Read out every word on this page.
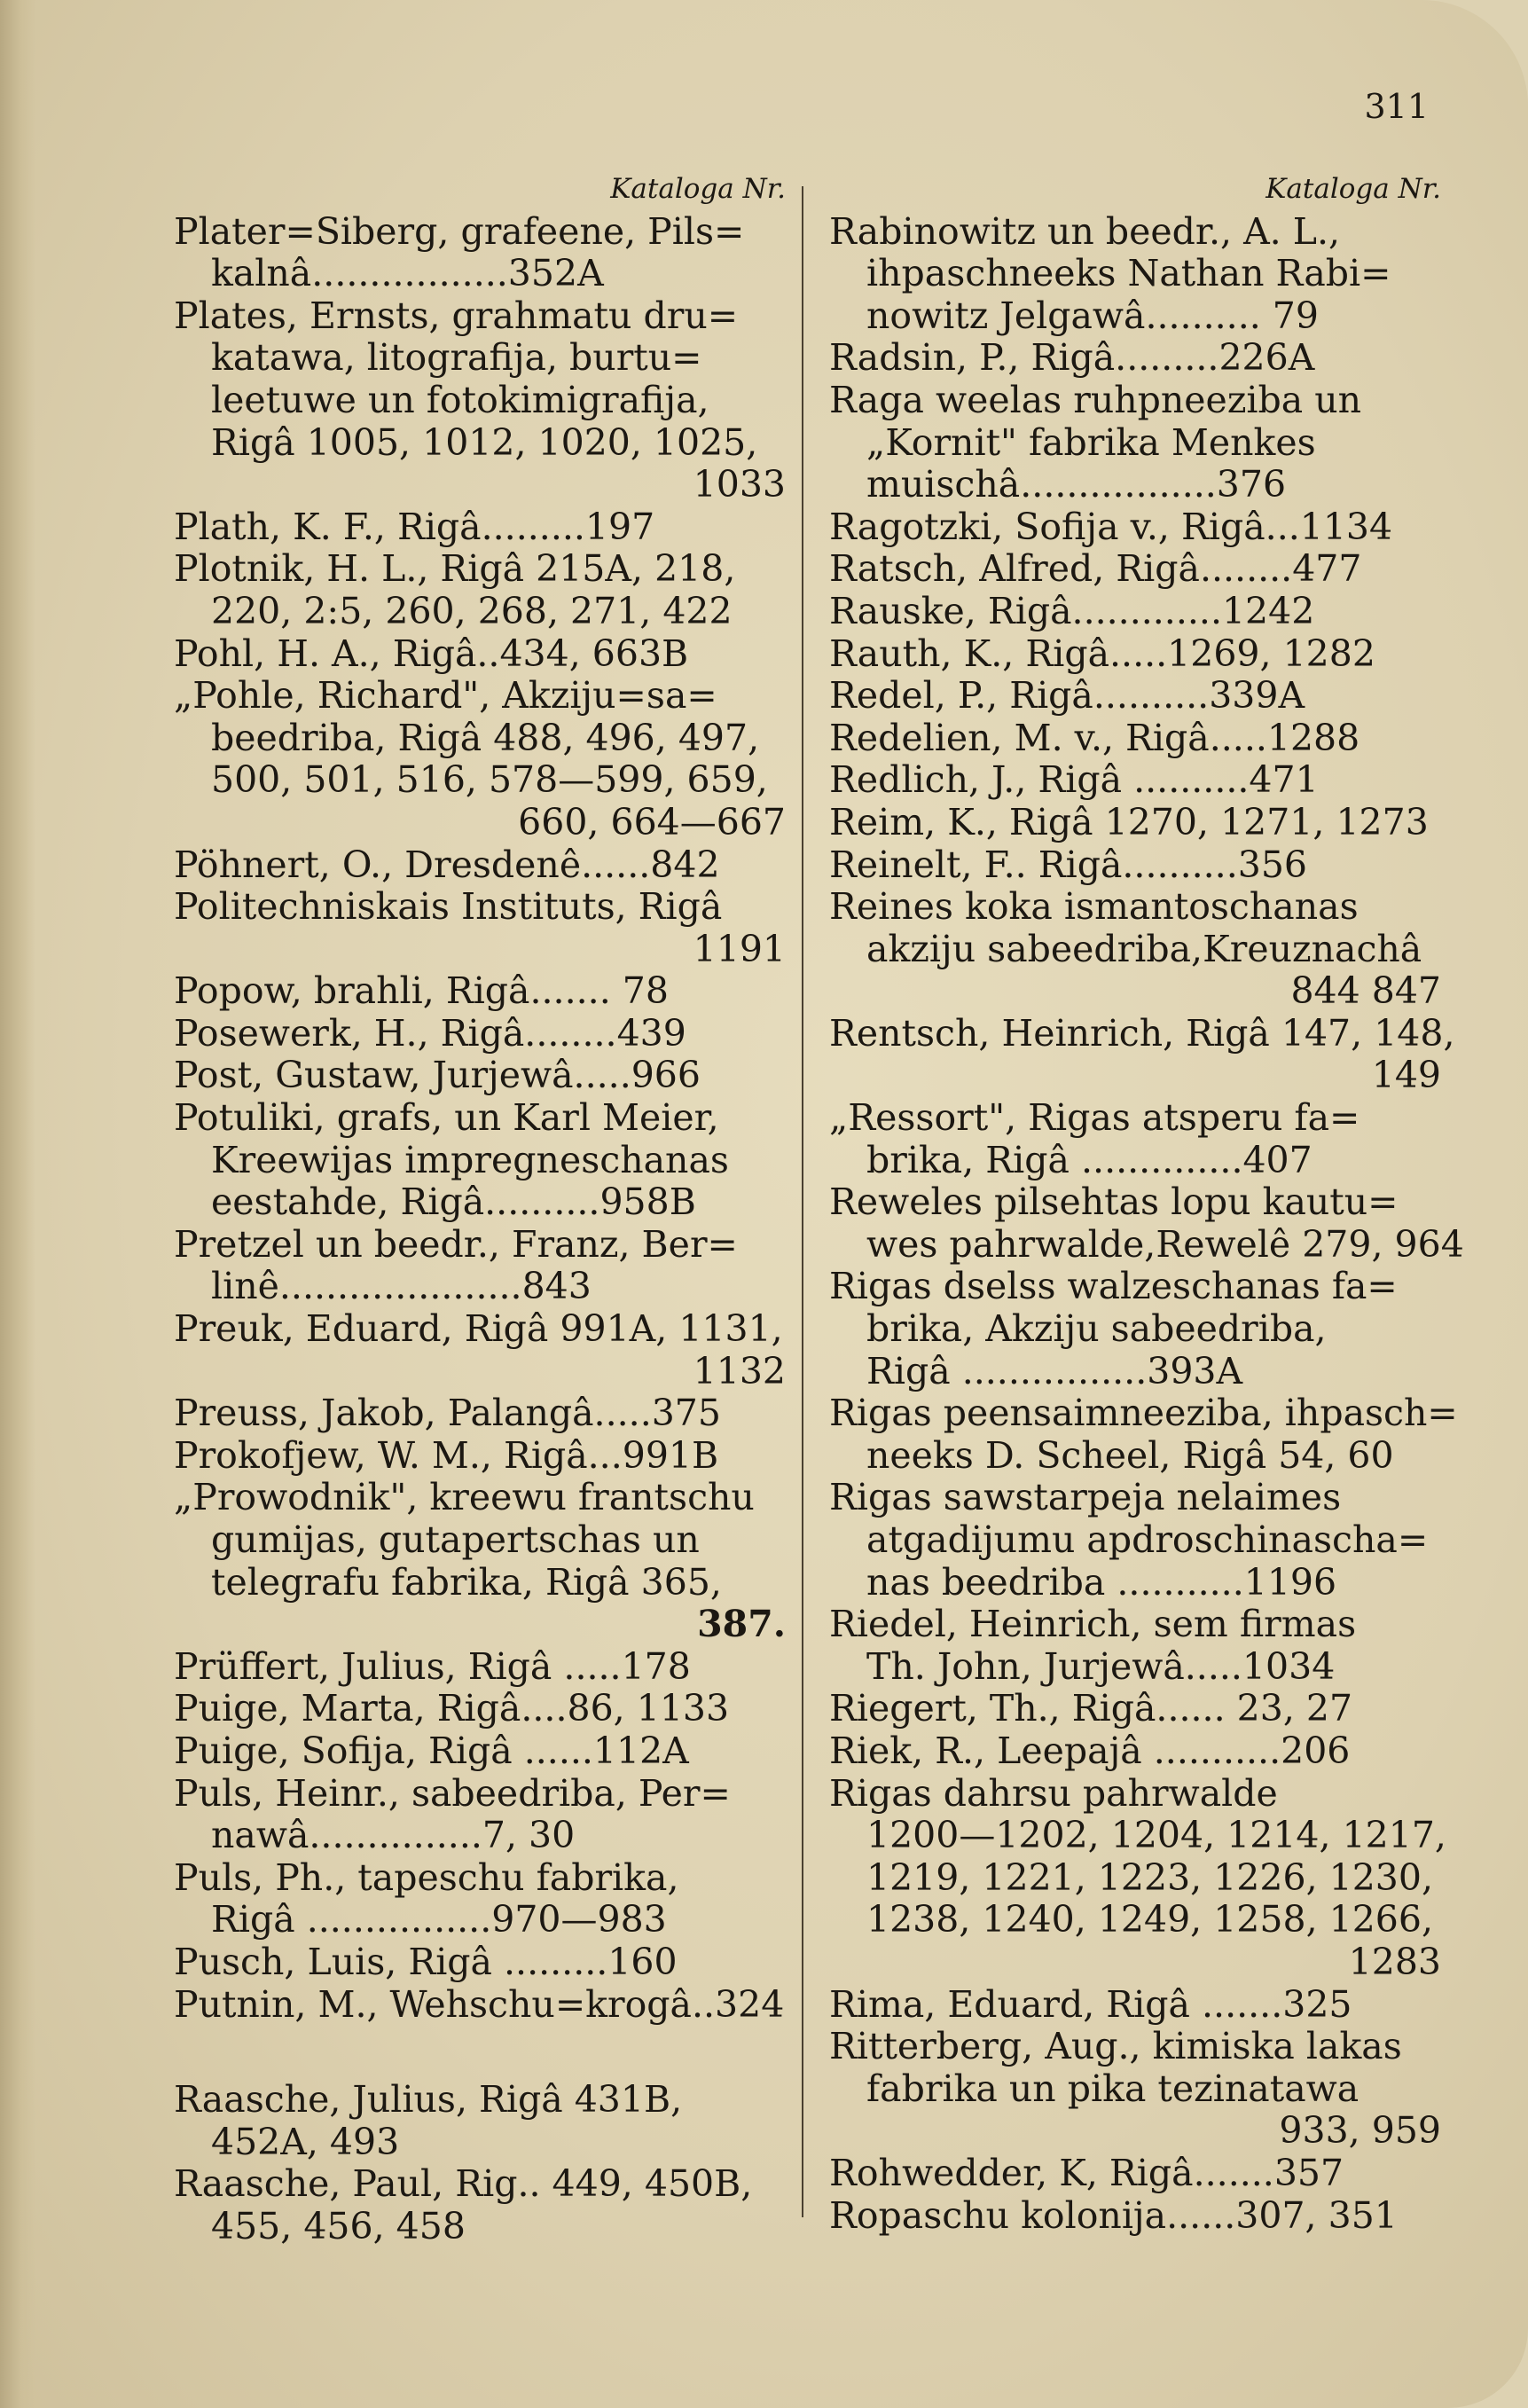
311
Kataloga Nr.
Plater=Siberg, grafeene, Pils=
kalnâ.................352A
Plates, Ernsts, grahmatu dru=
katawa, litografija, burtu=
leetuwe un fotokimigrafija,
Rigâ 1005, 1012, 1020, 1025,
1033
Plath, K. F., Rigâ.........197
Plotnik, H. L., Rigâ 215A, 218,
220, 2:5, 260, 268, 271, 422
Pohl, H. A., Rigâ..434, 663B
„Pohle, Richard", Akziju=sa=
beedriba, Rigâ 488, 496, 497,
500, 501, 516, 578—599, 659,
660, 664—667
Pöhnert, O., Dresdenê......842
Politechniskais Instituts, Rigâ
1191
Popow, brahli, Rigâ....... 78
Posewerk, H., Rigâ........439
Post, Gustaw, Jurjewâ.....966
Potuliki, grafs, un Karl Meier,
Kreewijas impregneschanas
eestahde, Rigâ..........958B
Pretzel un beedr., Franz, Ber=
linê.....................843
Preuk, Eduard, Rigâ 991A, 1131,
1132
Preuss, Jakob, Palangâ.....375
Prokofjew, W. M., Rigâ...991B
„Prowodnik", kreewu frantschu
gumijas, gutapertschas un
telegrafu fabrika, Rigâ 365,
387.
Prüffert, Julius, Rigâ .....178
Puige, Marta, Rigâ....86, 1133
Puige, Sofija, Rigâ ......112A
Puls, Heinr., sabeedriba, Per=
nawâ...............7, 30
Puls, Ph., tapeschu fabrika,
Rigâ ................970—983
Pusch, Luis, Rigâ .........160
Putnin, M., Wehschu=krogâ..324
Raasche, Julius, Rigâ 431B,
452A, 493
Raasche, Paul, Rig.. 449, 450B,
455, 456, 458
Kataloga Nr.
Rabinowitz un beedr., A. L.,
ihpaschneeks Nathan Rabi=
nowitz Jelgawâ.......... 79
Radsin, P., Rigâ.........226A
Raga weelas ruhpneeziba un
„Kornit" fabrika Menkes
muischâ.................376
Ragotzki, Sofija v., Rigâ...1134
Ratsch, Alfred, Rigâ........477
Rauske, Rigâ.............1242
Rauth, K., Rigâ.....1269, 1282
Redel, P., Rigâ..........339A
Redelien, M. v., Rigâ.....1288
Redlich, J., Rigâ ..........471
Reim, K., Rigâ 1270, 1271, 1273
Reinelt, F.. Rigâ..........356
Reines koka ismantoschanas
akziju sabeedriba,Kreuznachâ
844 847
Rentsch, Heinrich, Rigâ 147, 148,
149
„Ressort", Rigas atsperu fa=
brika, Rigâ ..............407
Reweles pilsehtas lopu kautu=
wes pahrwalde,Rewelê 279, 964
Rigas dselss walzeschanas fa=
brika, Akziju sabeedriba,
Rigâ ................393A
Rigas peensaimneeziba, ihpasch=
neeks D. Scheel, Rigâ 54, 60
Rigas sawstarpeja nelaimes
atgadijumu apdroschinascha=
nas beedriba ...........1196
Riedel, Heinrich, sem firmas
Th. John, Jurjewâ.....1034
Riegert, Th., Rigâ...... 23, 27
Riek, R., Leepajâ ...........206
Rigas dahrsu pahrwalde
1200—1202, 1204, 1214, 1217,
1219, 1221, 1223, 1226, 1230,
1238, 1240, 1249, 1258, 1266,
1283
Rima, Eduard, Rigâ .......325
Ritterberg, Aug., kimiska lakas
fabrika un pika tezinatawa
933, 959
Rohwedder, K, Rigâ.......357
Ropaschu kolonija......307, 351
